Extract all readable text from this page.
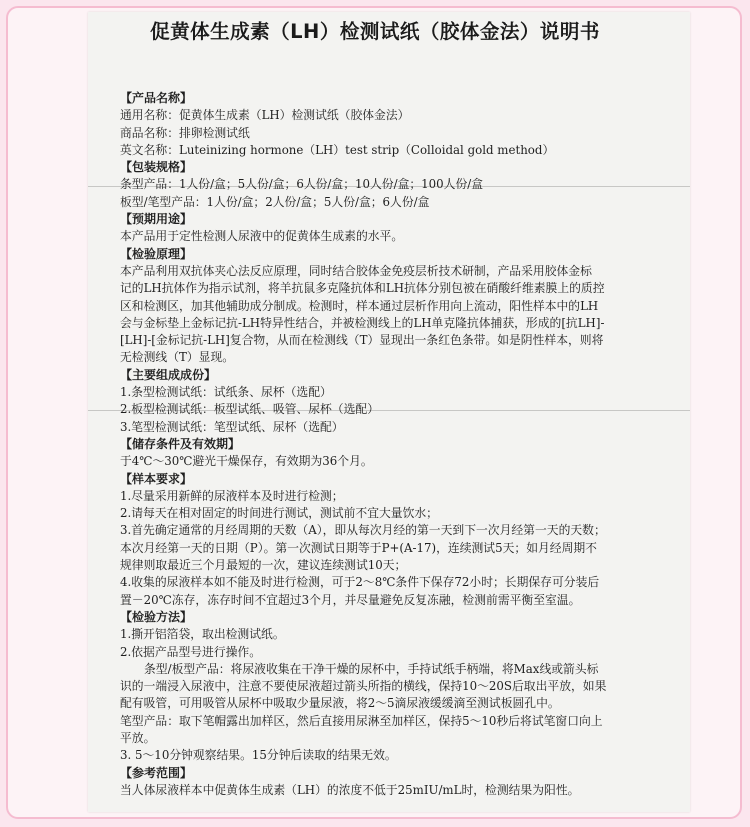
促黄体生成素（LH）检测试纸（胶体金法）说明书
【产品名称】
通用名称：促黄体生成素（LH）检测试纸（胶体金法）
商品名称：排卵检测试纸
英文名称：Luteinizing hormone（LH）test strip（Colloidal gold method）
【包装规格】
条型产品：1人份/盒；5人份/盒；6人份/盒；10人份/盒；100人份/盒
板型/笔型产品：1人份/盒；2人份/盒；5人份/盒；6人份/盒
【预期用途】
本产品用于定性检测人尿液中的促黄体生成素的水平。
【检验原理】
本产品利用双抗体夹心法反应原理，同时结合胶体金免疫层析技术研制，产品采用胶体金标
记的LH抗体作为指示试剂，将羊抗鼠多克隆抗体和LH抗体分别包被在硝酸纤维素膜上的质控
区和检测区，加其他辅助成分制成。检测时，样本通过层析作用向上流动，阳性样本中的LH
会与金标垫上金标记抗-LH特异性结合，并被检测线上的LH单克隆抗体捕获，形成的[抗LH]-
[LH]-[金标记抗-LH]复合物，从而在检测线（T）显现出一条红色条带。如是阴性样本，则将
无检测线（T）显现。
【主要组成成份】
1.条型检测试纸：试纸条、尿杯（选配）
2.板型检测试纸：板型试纸、吸管、尿杯（选配）
3.笔型检测试纸：笔型试纸、尿杯（选配）
【储存条件及有效期】
于4℃～30℃避光干燥保存，有效期为36个月。
【样本要求】
1.尽量采用新鲜的尿液样本及时进行检测；
2.请每天在相对固定的时间进行测试，测试前不宜大量饮水；
3.首先确定通常的月经周期的天数（A），即从每次月经的第一天到下一次月经第一天的天数；
本次月经第一天的日期（P）。第一次测试日期等于P+(A-17)，连续测试5天；如月经周期不
规律则取最近三个月最短的一次，建议连续测试10天；
4.收集的尿液样本如不能及时进行检测，可于2～8℃条件下保存72小时；长期保存可分装后
置－20℃冻存，冻存时间不宜超过3个月，并尽量避免反复冻融，检测前需平衡至室温。
【检验方法】
1.撕开铝箔袋，取出检测试纸。
2.依据产品型号进行操作。
条型/板型产品：将尿液收集在干净干燥的尿杯中，手持试纸手柄端，将Max线或箭头标
识的一端浸入尿液中，注意不要使尿液超过箭头所指的横线，保持10～20S后取出平放，如果
配有吸管，可用吸管从尿杯中吸取少量尿液，将2～5滴尿液缓缓滴至测试板圆孔中。
笔型产品：取下笔帽露出加样区，然后直接用尿淋至加样区，保持5～10秒后将试笔窗口向上
平放。
3. 5～10分钟观察结果。15分钟后读取的结果无效。
【参考范围】
当人体尿液样本中促黄体生成素（LH）的浓度不低于25mIU/mL时，检测结果为阳性。
